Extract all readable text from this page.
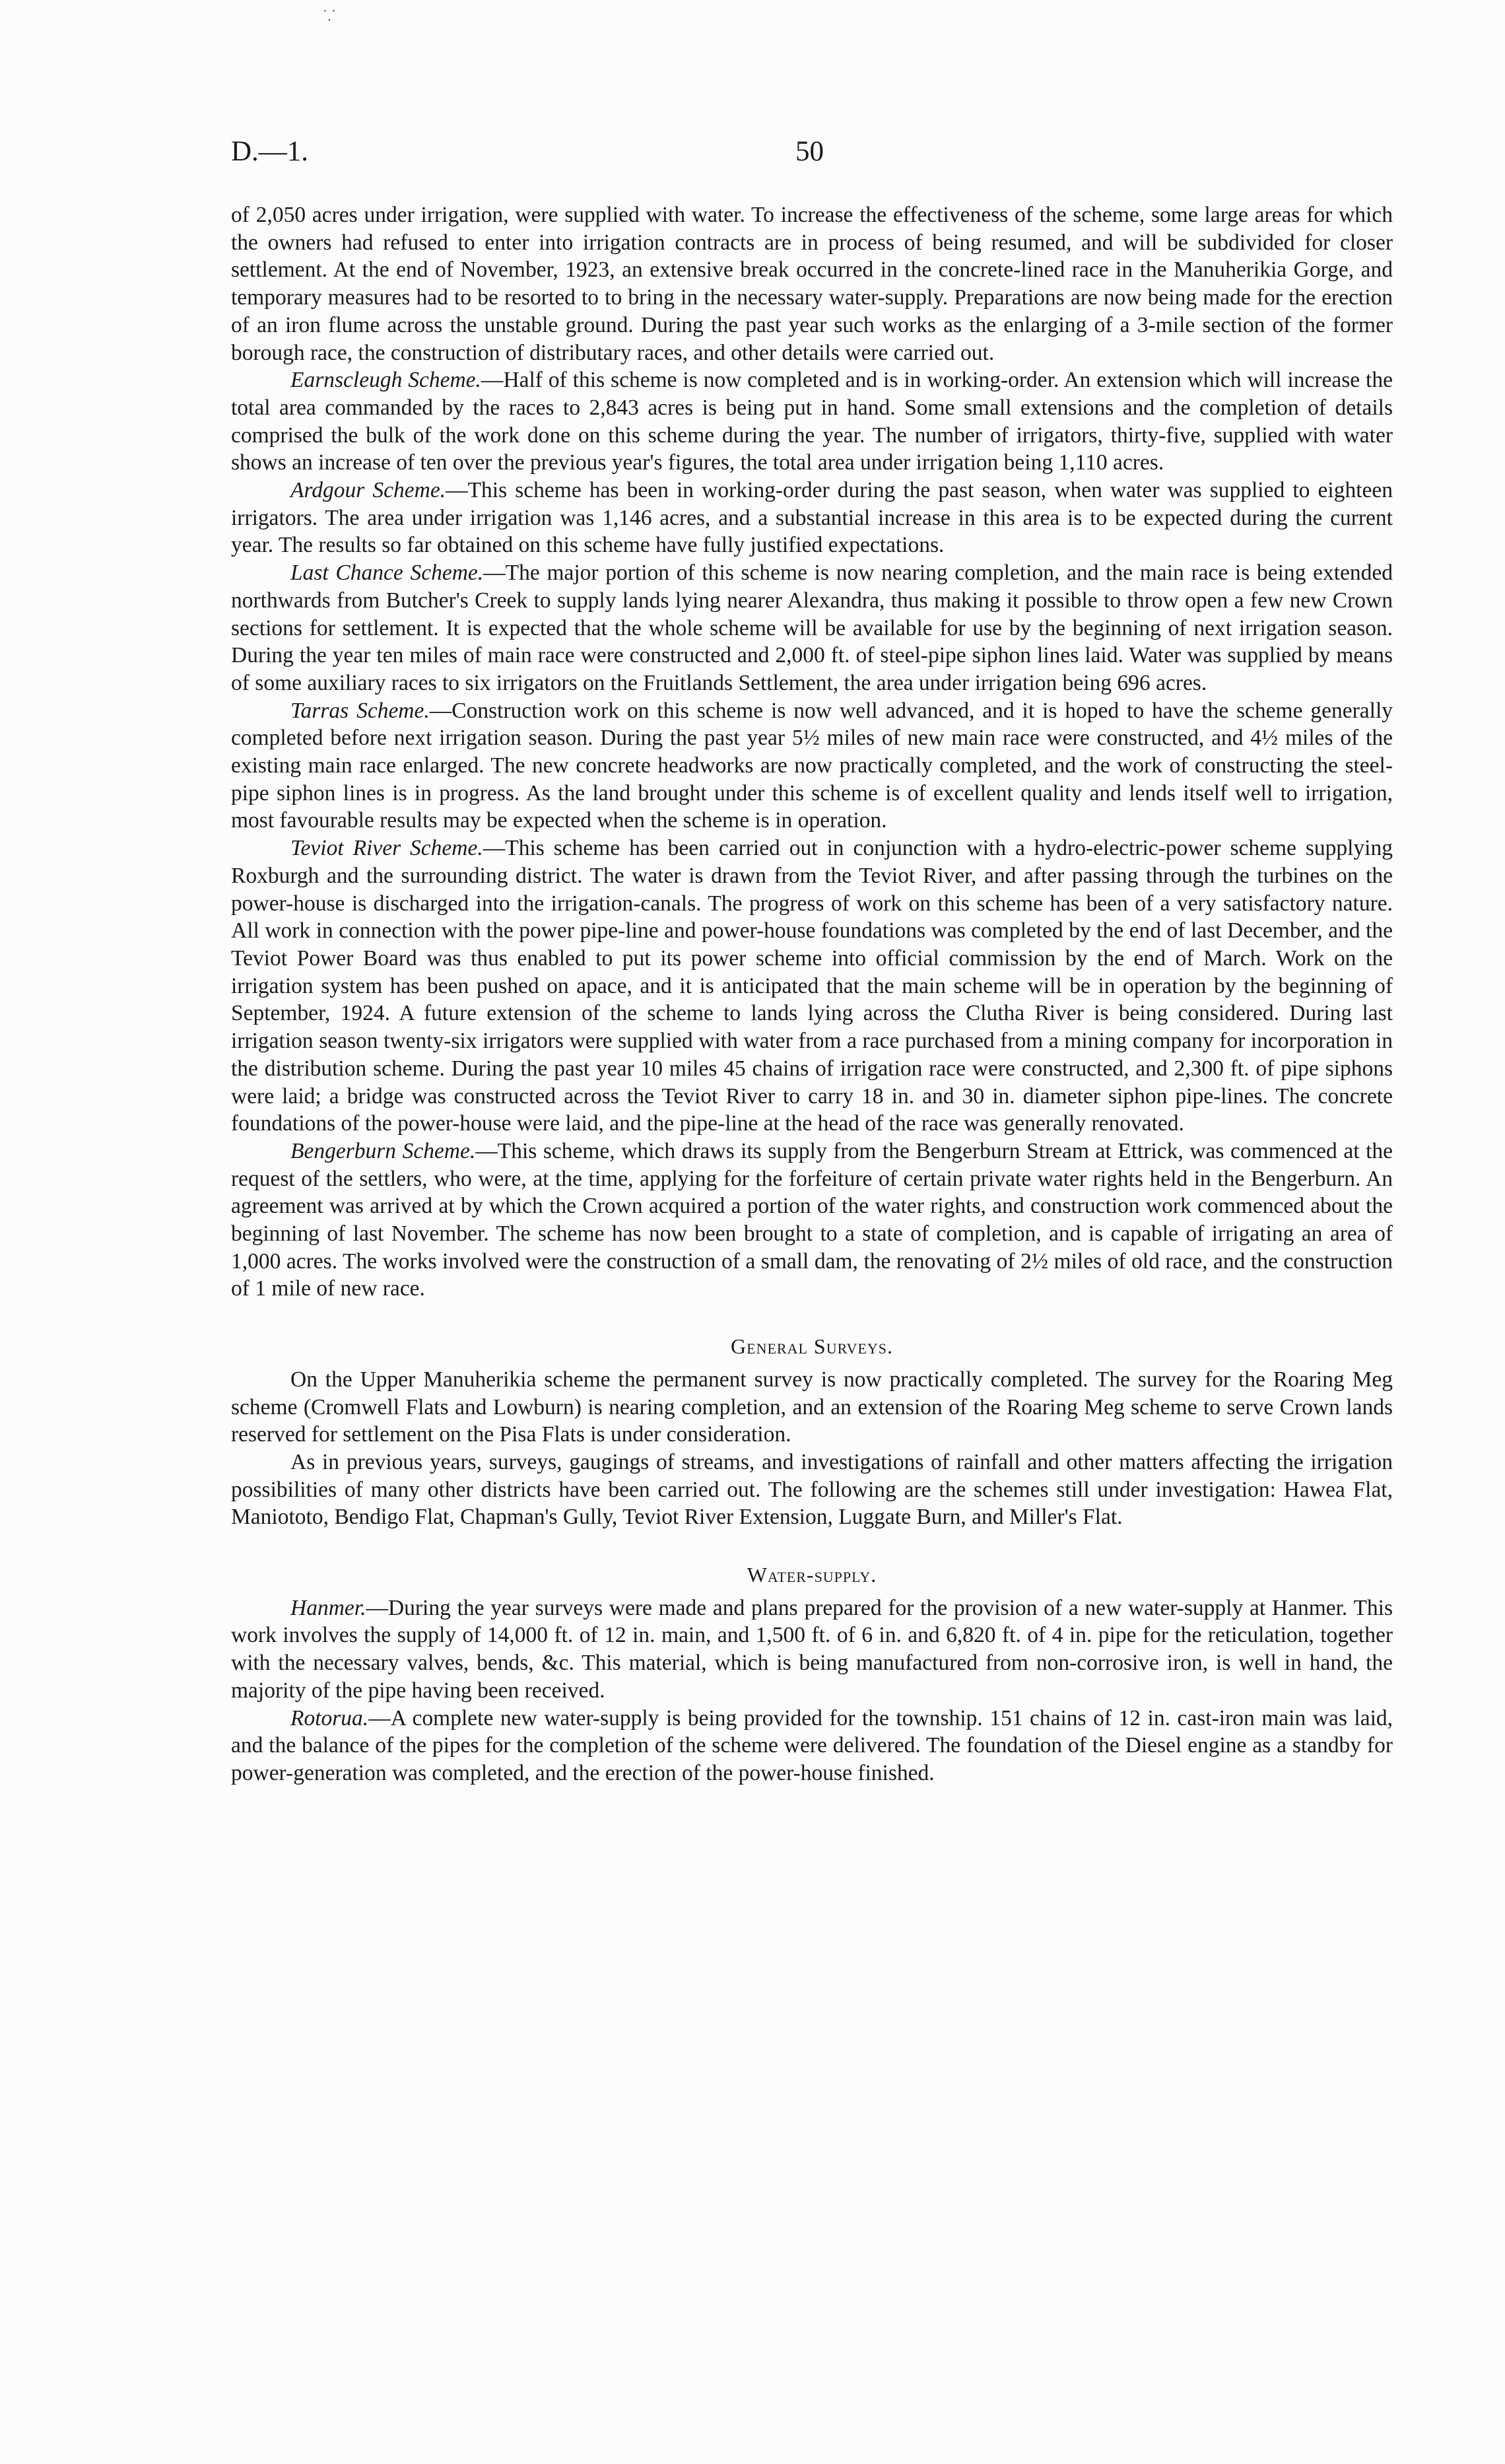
⸪
D.—1.	50

of 2,050 acres under irrigation, were supplied with water. To increase the effectiveness of the scheme, some large areas for which the owners had refused to enter into irrigation contracts are in process of being resumed, and will be subdivided for closer settlement. At the end of November, 1923, an extensive break occurred in the concrete-lined race in the Manuherikia Gorge, and temporary measures had to be resorted to to bring in the necessary water-supply. Preparations are now being made for the erection of an iron flume across the unstable ground. During the past year such works as the enlarging of a 3-mile section of the former borough race, the construction of distributary races, and other details were carried out.

Earnscleugh Scheme.—Half of this scheme is now completed and is in working-order. An extension which will increase the total area commanded by the races to 2,843 acres is being put in hand. Some small extensions and the completion of details comprised the bulk of the work done on this scheme during the year. The number of irrigators, thirty-five, supplied with water shows an increase of ten over the previous year's figures, the total area under irrigation being 1,110 acres.

Ardgour Scheme.—This scheme has been in working-order during the past season, when water was supplied to eighteen irrigators. The area under irrigation was 1,146 acres, and a substantial increase in this area is to be expected during the current year. The results so far obtained on this scheme have fully justified expectations.

Last Chance Scheme.—The major portion of this scheme is now nearing completion, and the main race is being extended northwards from Butcher's Creek to supply lands lying nearer Alexandra, thus making it possible to throw open a few new Crown sections for settlement. It is expected that the whole scheme will be available for use by the beginning of next irrigation season. During the year ten miles of main race were constructed and 2,000 ft. of steel-pipe siphon lines laid. Water was supplied by means of some auxiliary races to six irrigators on the Fruitlands Settlement, the area under irrigation being 696 acres.

Tarras Scheme.—Construction work on this scheme is now well advanced, and it is hoped to have the scheme generally completed before next irrigation season. During the past year 5½ miles of new main race were constructed, and 4½ miles of the existing main race enlarged. The new concrete headworks are now practically completed, and the work of constructing the steel-pipe siphon lines is in progress. As the land brought under this scheme is of excellent quality and lends itself well to irrigation, most favourable results may be expected when the scheme is in operation.

Teviot River Scheme.—This scheme has been carried out in conjunction with a hydro-electric-power scheme supplying Roxburgh and the surrounding district. The water is drawn from the Teviot River, and after passing through the turbines on the power-house is discharged into the irrigation-canals. The progress of work on this scheme has been of a very satisfactory nature. All work in connection with the power pipe-line and power-house foundations was completed by the end of last December, and the Teviot Power Board was thus enabled to put its power scheme into official commission by the end of March. Work on the irrigation system has been pushed on apace, and it is anticipated that the main scheme will be in operation by the beginning of September, 1924. A future extension of the scheme to lands lying across the Clutha River is being considered. During last irrigation season twenty-six irrigators were supplied with water from a race purchased from a mining company for incorporation in the distribution scheme. During the past year 10 miles 45 chains of irrigation race were constructed, and 2,300 ft. of pipe siphons were laid; a bridge was constructed across the Teviot River to carry 18 in. and 30 in. diameter siphon pipe-lines. The concrete foundations of the power-house were laid, and the pipe-line at the head of the race was generally renovated.

Bengerburn Scheme.—This scheme, which draws its supply from the Bengerburn Stream at Ettrick, was commenced at the request of the settlers, who were, at the time, applying for the forfeiture of certain private water rights held in the Bengerburn. An agreement was arrived at by which the Crown acquired a portion of the water rights, and construction work commenced about the beginning of last November. The scheme has now been brought to a state of completion, and is capable of irrigating an area of 1,000 acres. The works involved were the construction of a small dam, the renovating of 2½ miles of old race, and the construction of 1 mile of new race.

General Surveys.

On the Upper Manuherikia scheme the permanent survey is now practically completed. The survey for the Roaring Meg scheme (Cromwell Flats and Lowburn) is nearing completion, and an extension of the Roaring Meg scheme to serve Crown lands reserved for settlement on the Pisa Flats is under consideration.

As in previous years, surveys, gaugings of streams, and investigations of rainfall and other matters affecting the irrigation possibilities of many other districts have been carried out. The following are the schemes still under investigation: Hawea Flat, Maniototo, Bendigo Flat, Chapman's Gully, Teviot River Extension, Luggate Burn, and Miller's Flat.

Water-supply.

Hanmer.—During the year surveys were made and plans prepared for the provision of a new water-supply at Hanmer. This work involves the supply of 14,000 ft. of 12 in. main, and 1,500 ft. of 6 in. and 6,820 ft. of 4 in. pipe for the reticulation, together with the necessary valves, bends, &c. This material, which is being manufactured from non-corrosive iron, is well in hand, the majority of the pipe having been received.

Rotorua.—A complete new water-supply is being provided for the township. 151 chains of 12 in. cast-iron main was laid, and the balance of the pipes for the completion of the scheme were delivered. The foundation of the Diesel engine as a standby for power-generation was completed, and the erection of the power-house finished.
